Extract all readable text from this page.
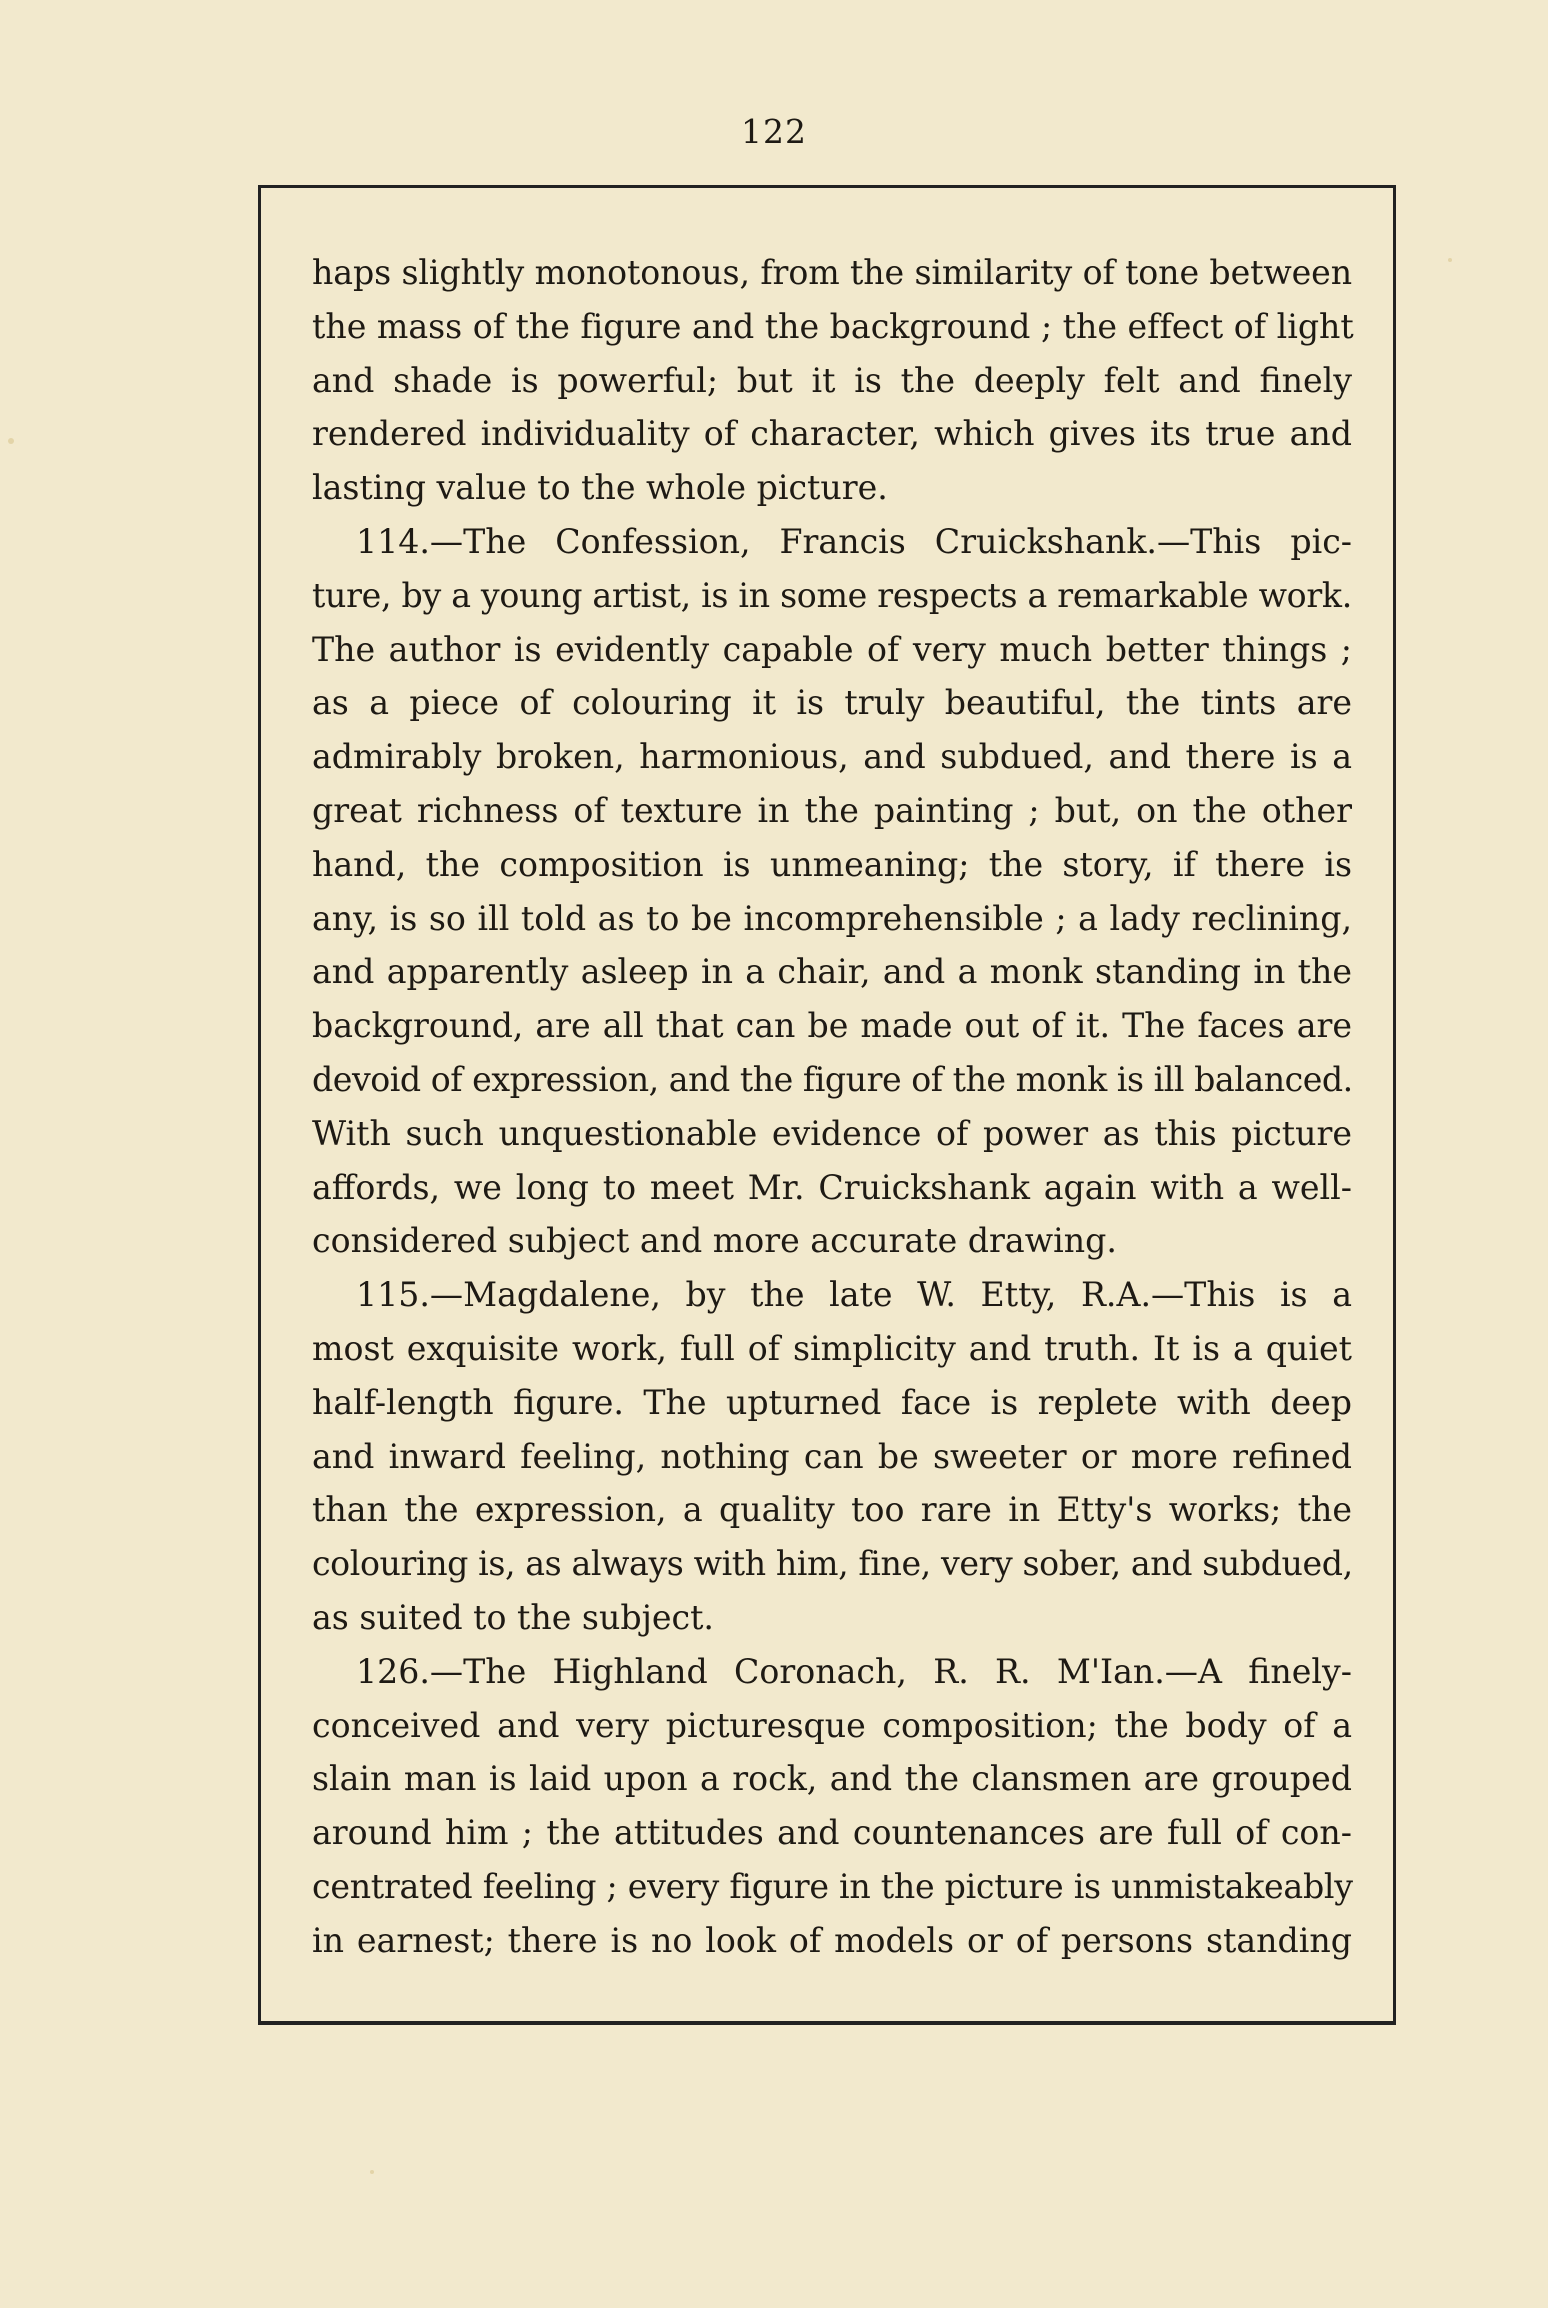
122
haps slightly monotonous, from the similarity of tone between
the mass of the figure and the background ; the effect of light
and shade is powerful; but it is the deeply felt and finely
rendered individuality of character, which gives its true and
lasting value to the whole picture.
114.—The Confession, Francis Cruickshank.—This pic-
ture, by a young artist, is in some respects a remarkable work.
The author is evidently capable of very much better things ;
as a piece of colouring it is truly beautiful, the tints are
admirably broken, harmonious, and subdued, and there is a
great richness of texture in the painting ; but, on the other
hand, the composition is unmeaning; the story, if there is
any, is so ill told as to be incomprehensible ; a lady reclining,
and apparently asleep in a chair, and a monk standing in the
background, are all that can be made out of it. The faces are
devoid of expression, and the figure of the monk is ill balanced.
With such unquestionable evidence of power as this picture
affords, we long to meet Mr. Cruickshank again with a well-
considered subject and more accurate drawing.
115.—Magdalene, by the late W. Etty, R.A.—This is a
most exquisite work, full of simplicity and truth. It is a quiet
half-length figure. The upturned face is replete with deep
and inward feeling, nothing can be sweeter or more refined
than the expression, a quality too rare in Etty's works; the
colouring is, as always with him, fine, very sober, and subdued,
as suited to the subject.
126.—The Highland Coronach, R. R. M'Ian.—A finely-
conceived and very picturesque composition; the body of a
slain man is laid upon a rock, and the clansmen are grouped
around him ; the attitudes and countenances are full of con-
centrated feeling ; every figure in the picture is unmistakeably
in earnest; there is no look of models or of persons standing
